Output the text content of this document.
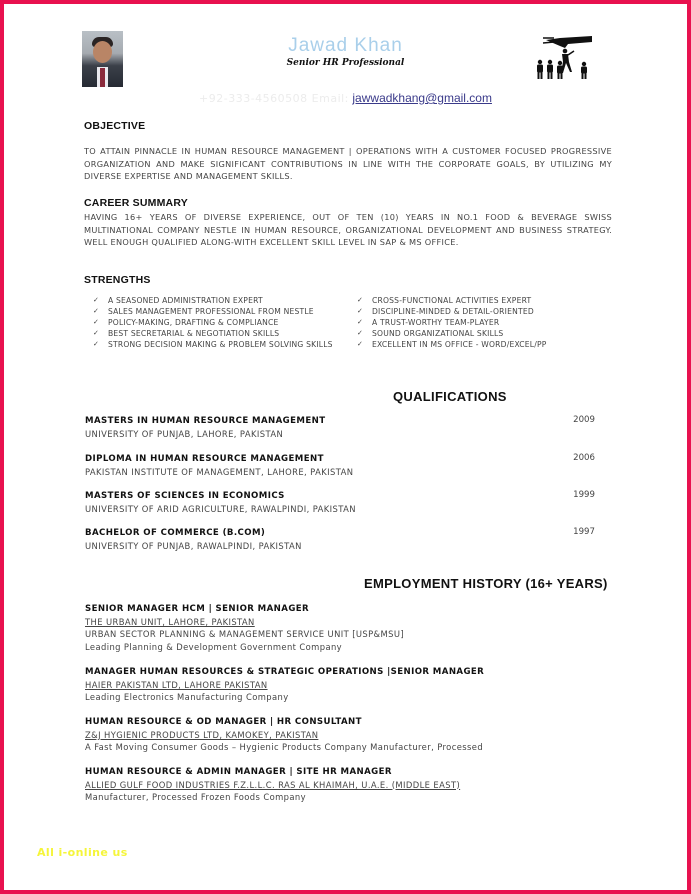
Jawad Khan
Senior HR Professional
+92-333-4560508 Email: jawwadkhang@gmail.com
OBJECTIVE
TO ATTAIN PINNACLE IN HUMAN RESOURCE MANAGEMENT | OPERATIONS WITH A CUSTOMER FOCUSED PROGRESSIVE ORGANIZATION AND MAKE SIGNIFICANT CONTRIBUTIONS IN LINE WITH THE CORPORATE GOALS, BY UTILIZING MY DIVERSE EXPERTISE AND MANAGEMENT SKILLS.
CAREER SUMMARY
HAVING 16+ YEARS OF DIVERSE EXPERIENCE, OUT OF TEN (10) YEARS IN NO.1 FOOD & BEVERAGE SWISS MULTINATIONAL COMPANY NESTLE IN HUMAN RESOURCE, ORGANIZATIONAL DEVELOPMENT AND BUSINESS STRATEGY. WELL ENOUGH QUALIFIED ALONG-WITH EXCELLENT SKILL LEVEL IN SAP & MS OFFICE.
STRENGTHS
✓ A SEASONED ADMINISTRATION EXPERT
✓ SALES MANAGEMENT PROFESSIONAL FROM NESTLE
✓ POLICY-MAKING, DRAFTING & COMPLIANCE
✓ BEST SECRETARIAL & NEGOTIATION SKILLS
✓ STRONG DECISION MAKING & PROBLEM SOLVING SKILLS
✓ CROSS-FUNCTIONAL ACTIVITIES EXPERT
✓ DISCIPLINE-MINDED & DETAIL-ORIENTED
✓ A TRUST-WORTHY TEAM-PLAYER
✓ SOUND ORGANIZATIONAL SKILLS
✓ EXCELLENT IN MS OFFICE - WORD/EXCEL/PP
QUALIFICATIONS
MASTERS IN HUMAN RESOURCE MANAGEMENT
UNIVERSITY OF PUNJAB, LAHORE, PAKISTAN
2009
DIPLOMA IN HUMAN RESOURCE MANAGEMENT
PAKISTAN INSTITUTE OF MANAGEMENT, LAHORE, PAKISTAN
2006
MASTERS OF SCIENCES IN ECONOMICS
UNIVERSITY OF ARID AGRICULTURE, RAWALPINDI, PAKISTAN
1999
BACHELOR OF COMMERCE (B.COM)
UNIVERSITY OF PUNJAB, RAWALPINDI, PAKISTAN
1997
EMPLOYMENT HISTORY (16+ YEARS)
SENIOR MANAGER HCM | SENIOR MANAGER
THE URBAN UNIT, LAHORE, PAKISTAN
URBAN SECTOR PLANNING & MANAGEMENT SERVICE UNIT [USP&MSU]
Leading Planning & Development Government Company
MANAGER HUMAN RESOURCES & STRATEGIC OPERATIONS |SENIOR MANAGER
HAIER PAKISTAN LTD, LAHORE PAKISTAN
Leading Electronics Manufacturing Company
HUMAN RESOURCE & OD MANAGER | HR CONSULTANT
Z&J HYGIENIC PRODUCTS LTD, KAMOKEY, PAKISTAN
A Fast Moving Consumer Goods – Hygienic Products Company Manufacturer, Processed
HUMAN RESOURCE & ADMIN MANAGER | SITE HR MANAGER
ALLIED GULF FOOD INDUSTRIES F.Z.L.L.C. RAS AL KHAIMAH, U.A.E. (MIDDLE EAST)
Manufacturer, Processed Frozen Foods Company
All i-online us
